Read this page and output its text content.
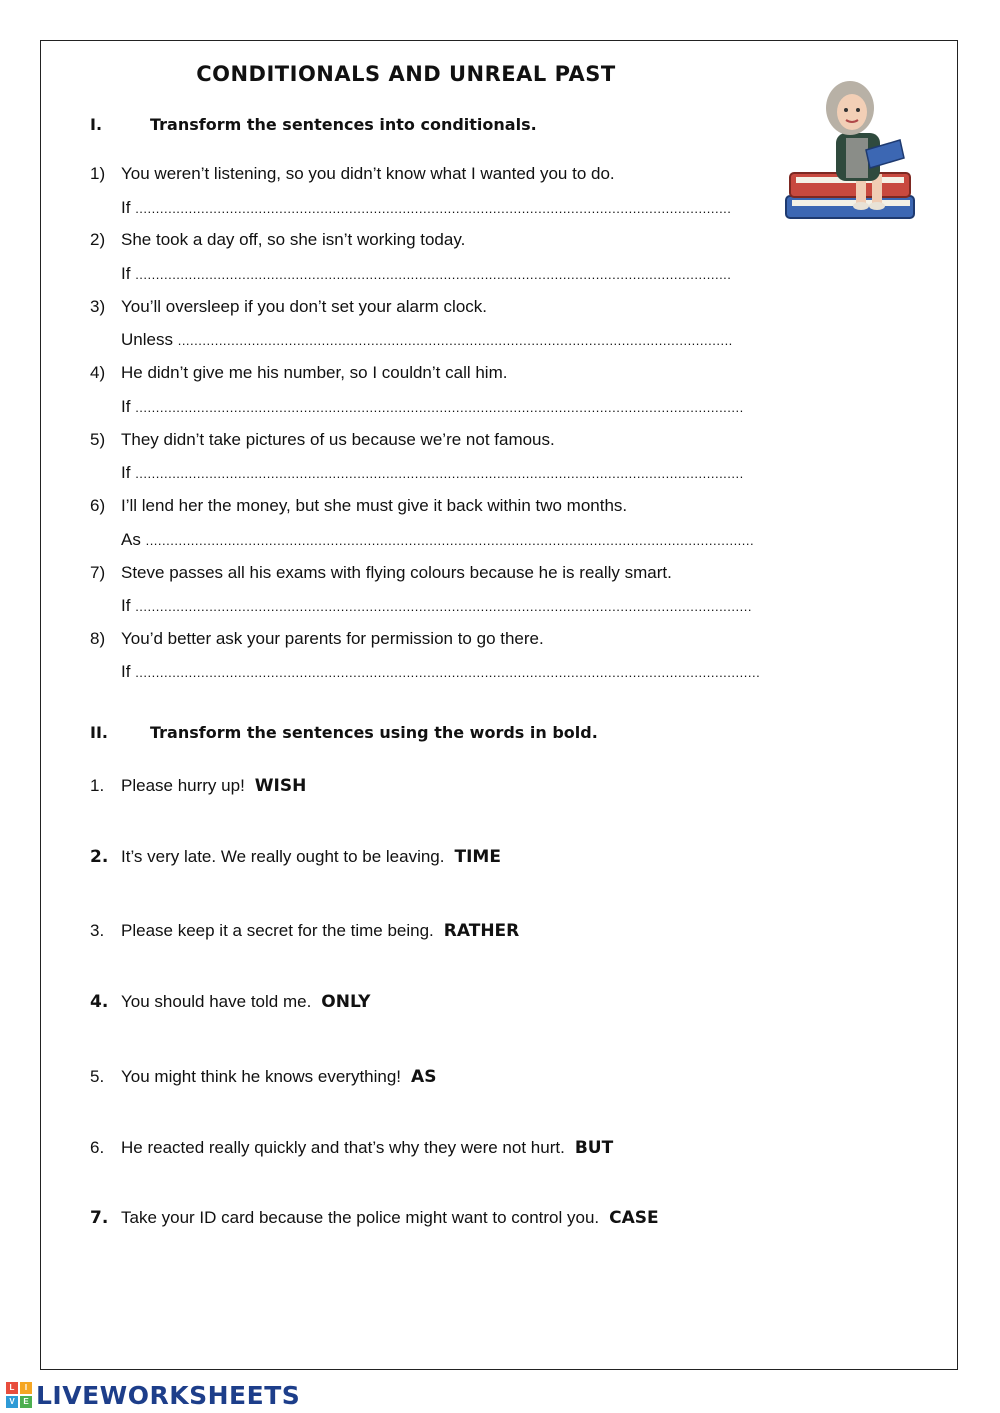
CONDITIONALS AND UNREAL PAST
I.	Transform the sentences into conditionals.
1) You weren’t listening, so you didn’t know what I wanted you to do.
If .................................................................................................................................................
2) She took a day off, so she isn’t working today.
If .................................................................................................................................................
3) You’ll oversleep if you don’t set your alarm clock.
Unless .......................................................................................................................................
4) He didn’t give me his number, so I couldn’t call him.
If ....................................................................................................................................................
5) They didn’t take pictures of us because we’re not famous.
If ....................................................................................................................................................
6) I’ll lend her the money, but she must give it back within two months.
As ....................................................................................................................................................
7) Steve passes all his exams with flying colours because he is really smart.
If ......................................................................................................................................................
8) You’d better ask your parents for permission to go there.
If ........................................................................................................................................................
II.	Transform the sentences using the words in bold.
1. Please hurry up! WISH
2. It’s very late. We really ought to be leaving. TIME
3. Please keep it a secret for the time being. RATHER
4. You should have told me. ONLY
5. You might think he knows everything! AS
6. He reacted really quickly and that’s why they were not hurt. BUT
7. Take your ID card because the police might want to control you. CASE
L	I
V	E LIVEWORKSHEETS
